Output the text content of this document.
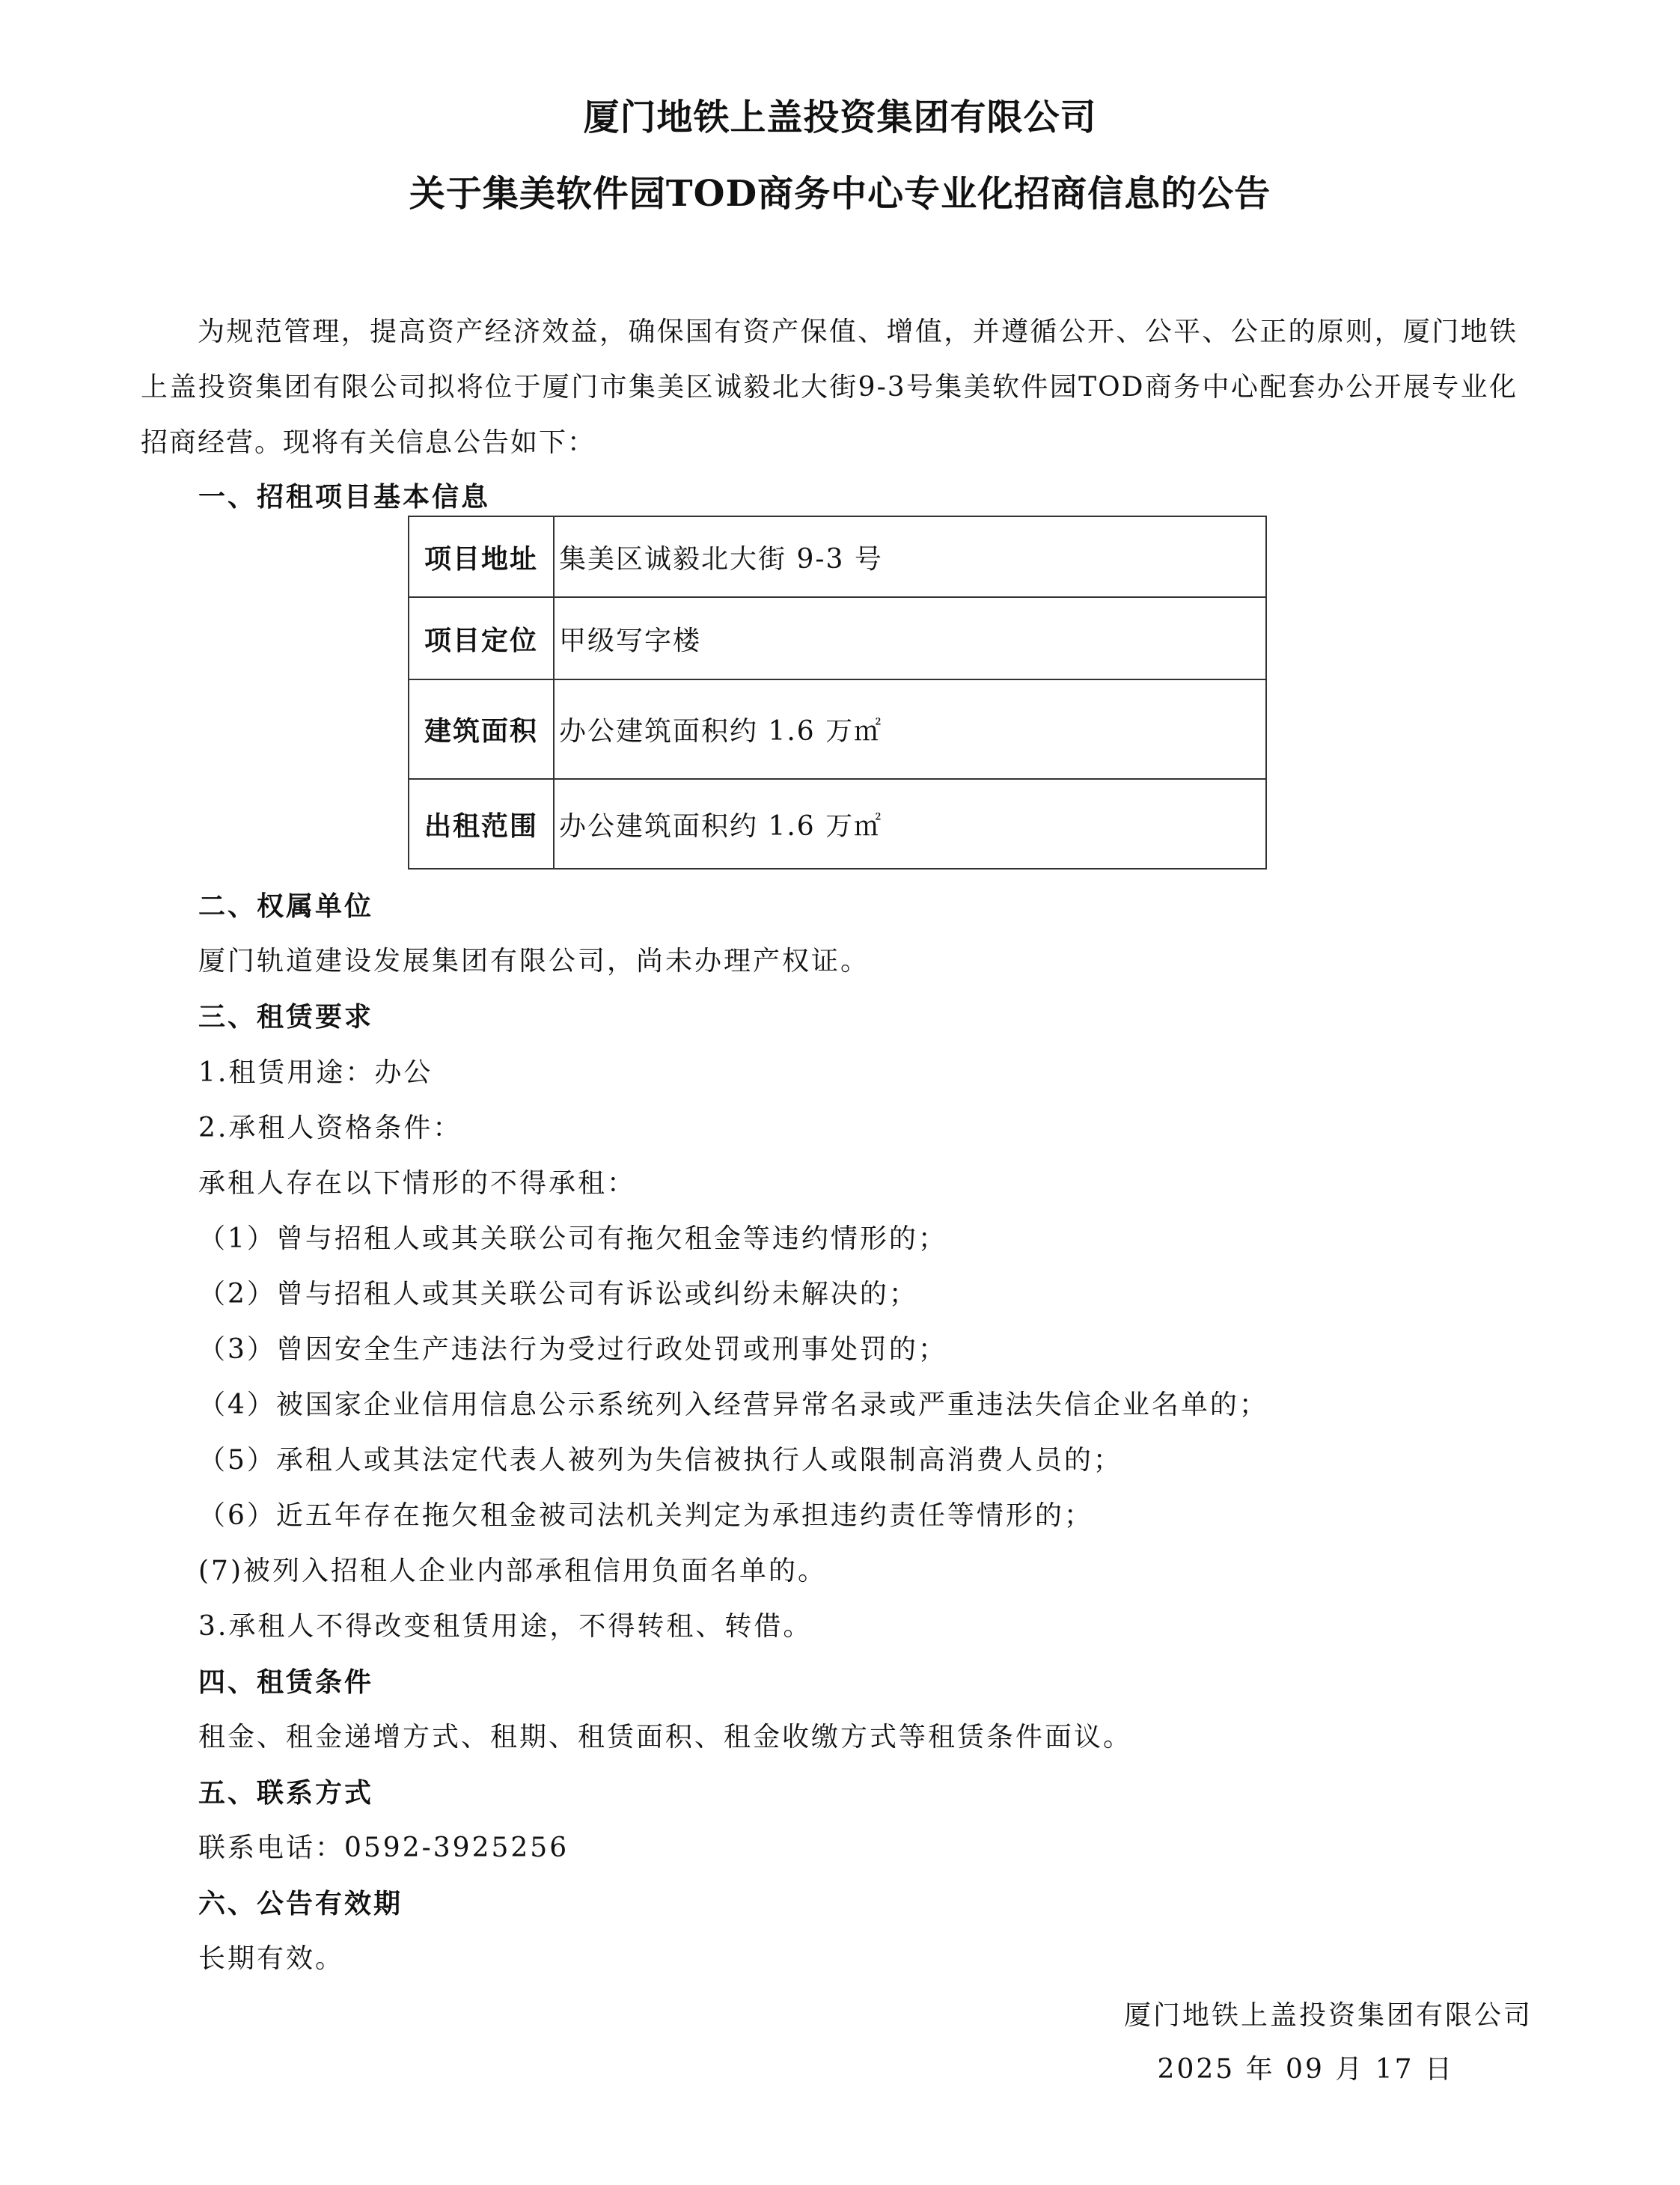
厦门地铁上盖投资集团有限公司
关于集美软件园TOD商务中心专业化招商信息的公告

为规范管理，提高资产经济效益，确保国有资产保值、增值，并遵循公开、公平、公正的原则，厦门地铁上盖投资集团有限公司拟将位于厦门市集美区诚毅北大街9-3号集美软件园TOD商务中心配套办公开展专业化招商经营。现将有关信息公告如下：

一、招租项目基本信息
项目地址	集美区诚毅北大街 9-3 号
项目定位	甲级写字楼
建筑面积	办公建筑面积约 1.6 万㎡
出租范围	办公建筑面积约 1.6 万㎡
二、权属单位
厦门轨道建设发展集团有限公司，尚未办理产权证。
三、租赁要求
1.租赁用途：办公
2.承租人资格条件：
承租人存在以下情形的不得承租：
（1）曾与招租人或其关联公司有拖欠租金等违约情形的；
（2）曾与招租人或其关联公司有诉讼或纠纷未解决的；
（3）曾因安全生产违法行为受过行政处罚或刑事处罚的；
（4）被国家企业信用信息公示系统列入经营异常名录或严重违法失信企业名单的；
（5）承租人或其法定代表人被列为失信被执行人或限制高消费人员的；
（6）近五年存在拖欠租金被司法机关判定为承担违约责任等情形的；
(7)被列入招租人企业内部承租信用负面名单的。
3.承租人不得改变租赁用途，不得转租、转借。
四、租赁条件
租金、租金递增方式、租期、租赁面积、租金收缴方式等租赁条件面议。
五、联系方式
联系电话：0592-3925256
六、公告有效期
长期有效。
厦门地铁上盖投资集团有限公司
2025 年 09 月 17 日
